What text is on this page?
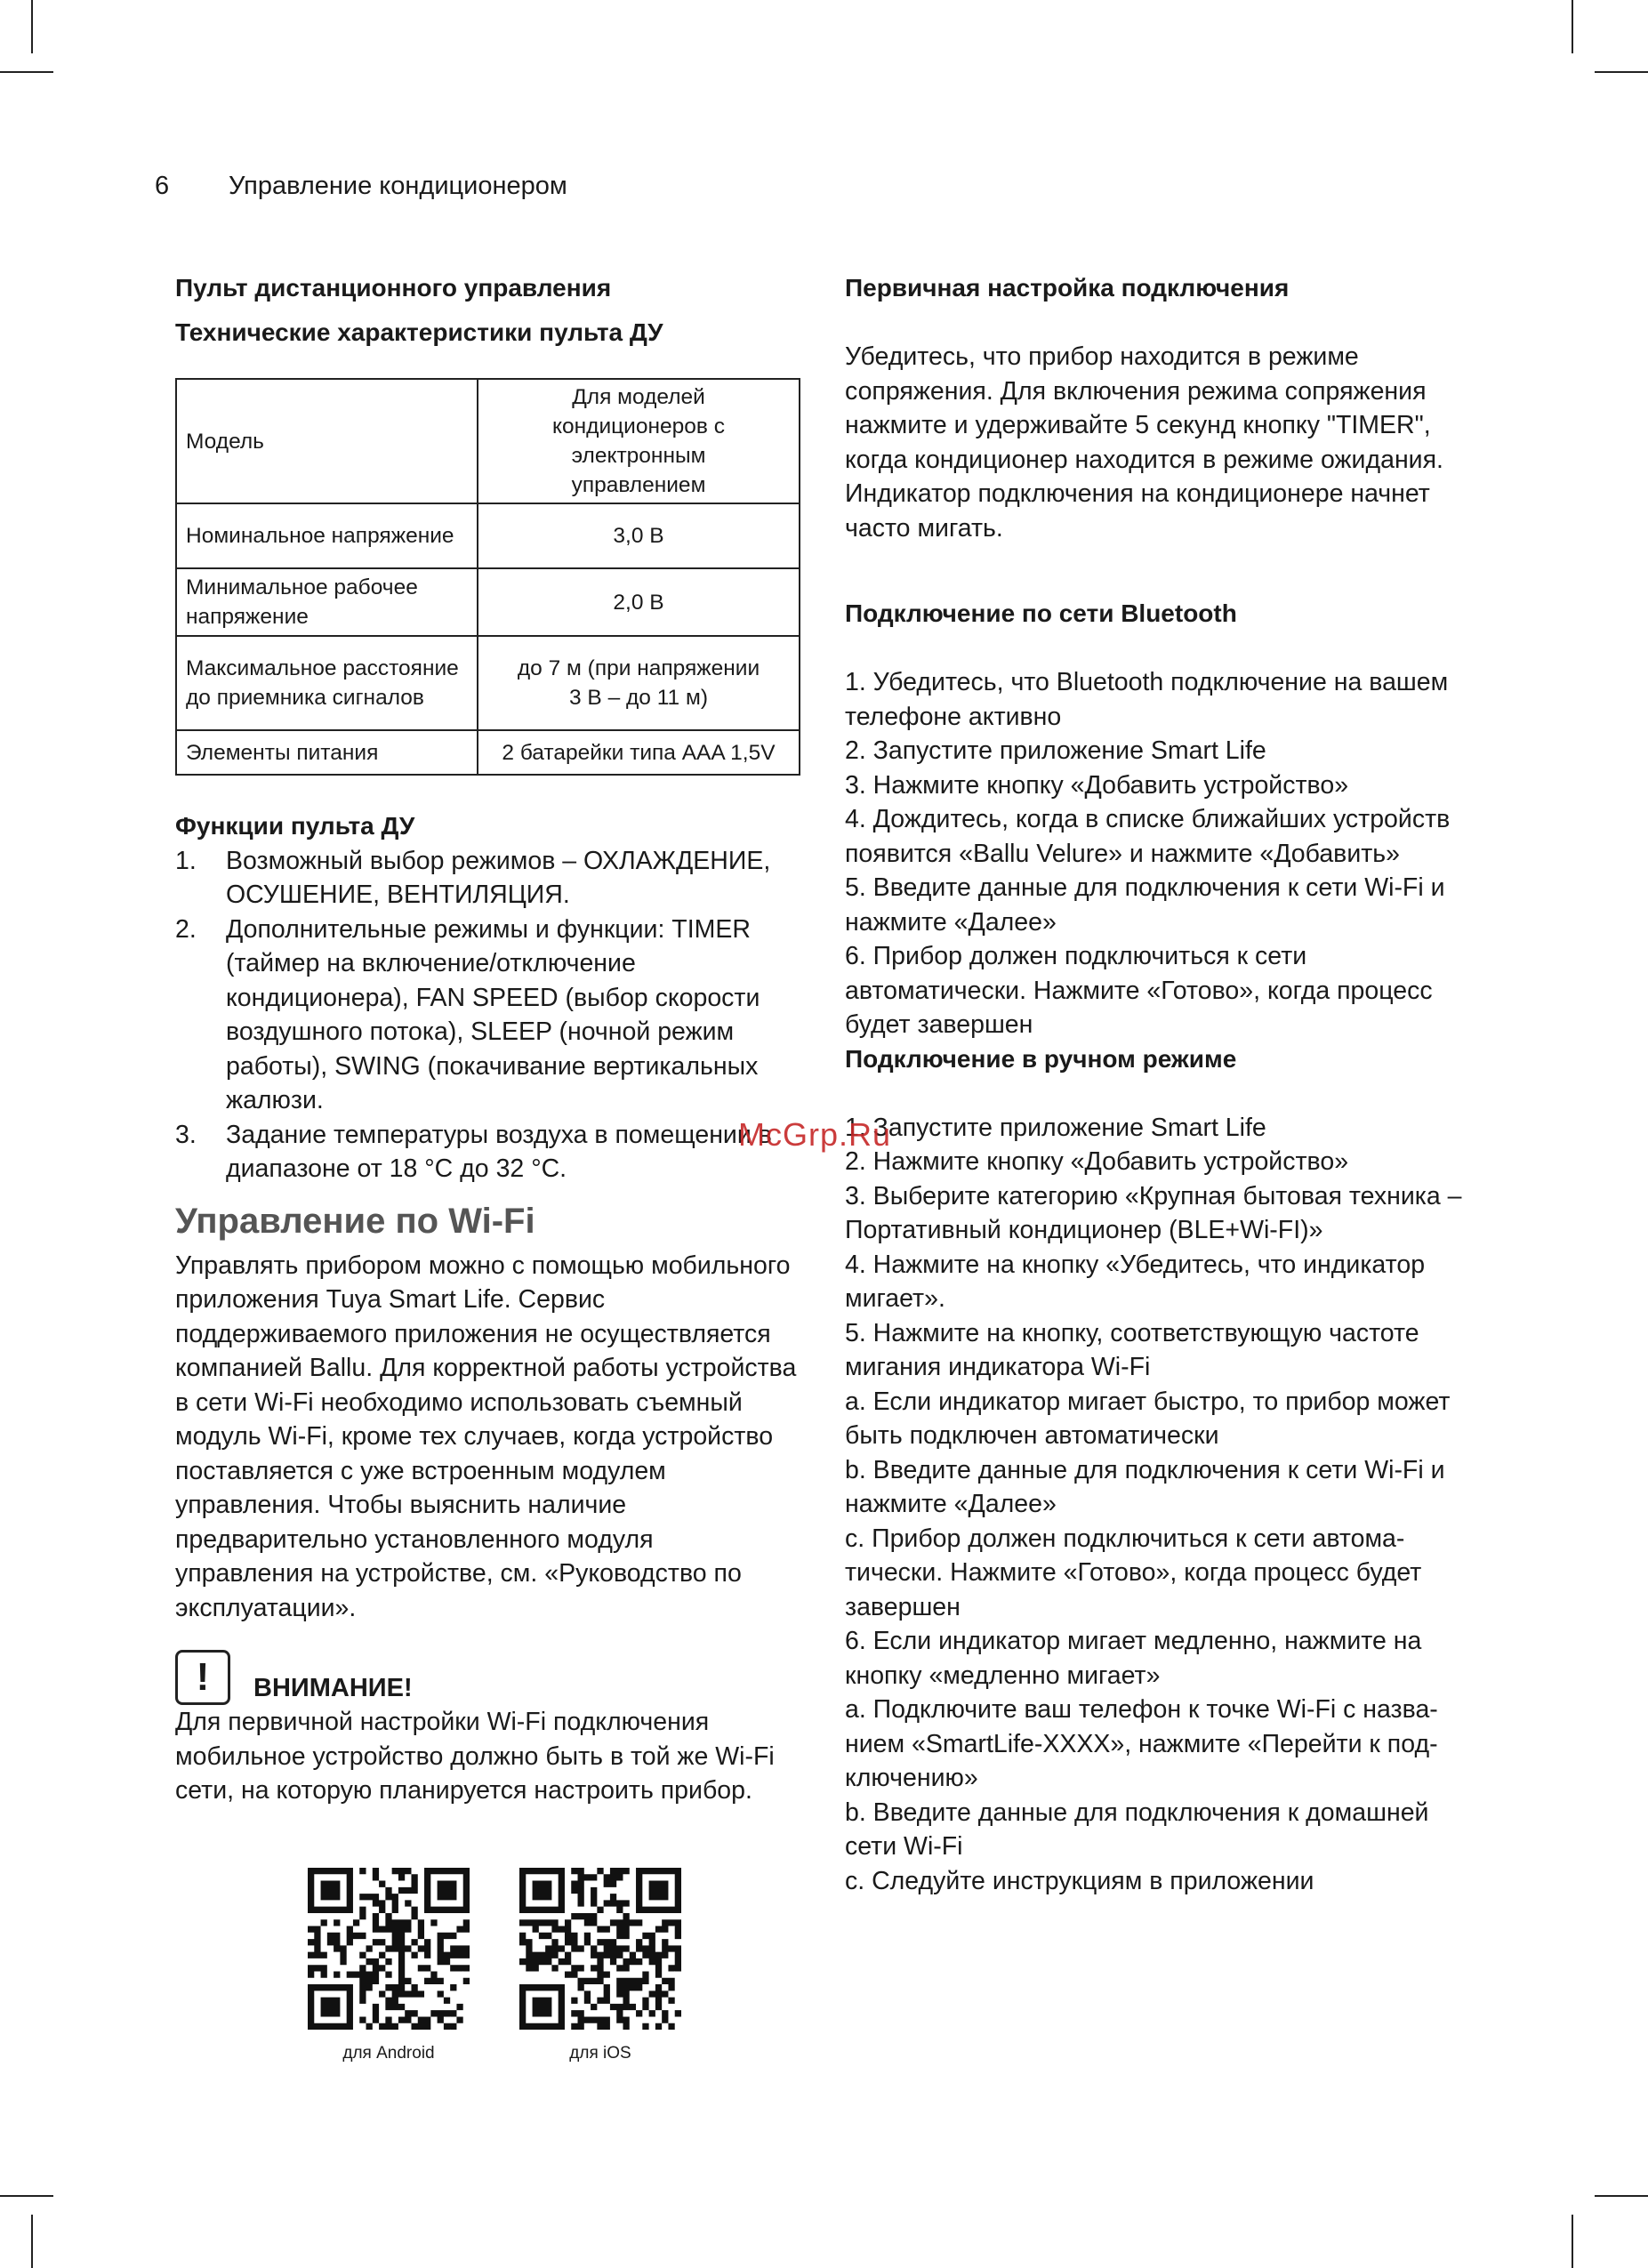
6 Управление кондиционером
Пульт дистанционного управления
Технические характеристики пульта ДУ
Модель	Для моделей кондиционеров с электронным управлением
Номинальное напряжение	3,0 В
Минимальное рабочее напряжение	2,0 В
Максимальное расстояние до приемника сигналов	до 7 м (при напряжении 3 В – до 11 м)
Элементы питания	2 батарейки типа AAA 1,5V
Функции пульта ДУ
1. Возможный выбор режимов – ОХЛАЖДЕНИЕ, ОСУШЕНИЕ, ВЕНТИЛЯЦИЯ.
2. Дополнительные режимы и функции: TIMER (таймер на включение/отключение кондиционера), FAN SPEED (выбор скорости воздушного потока), SLEEP (ночной режим работы), SWING (покачивание вертикальных жалюзи.
3. Задание температуры воздуха в помещении в диапазоне от 18 °С до 32 °С.
Управление по Wi-Fi

Управлять прибором можно с помощью мобильного приложения Tuya Smart Life. Сервис поддерживаемого приложения не осуществляется компанией Ballu. Для корректной работы устройства в сети Wi-Fi необходимо использовать съемный модуль Wi-Fi, кроме тех случаев, когда устройство поставляется с уже встроенным модулем управления. Чтобы выяснить наличие предварительно установленного модуля управления на устройстве, см. «Руководство по эксплуатации».

!	ВНИМАНИЕ!

Для первичной настройки Wi-Fi подключения мобильное устройство должно быть в той же Wi-Fi сети, на которую планируется настроить прибор.

для Android	для iOS
Первичная настройка подключения

Убедитесь, что прибор находится в режиме сопряжения. Для включения режима сопряжения нажмите и удерживайте 5 секунд кнопку "TIMER", когда кондиционер находится в режиме ожидания. Индикатор подключения на кондиционере начнет часто мигать.

Подключение по сети Bluetooth

1. Убедитесь, что Bluetooth подключение на вашем телефоне активно

2. Запустите приложение Smart Life

3. Нажмите кнопку «Добавить устройство»

4. Дождитесь, когда в списке ближайших устройств появится «Ballu Velure» и нажмите «Добавить»

5. Введите данные для подключения к сети Wi-Fi и нажмите «Далее»

6. Прибор должен подключиться к сети автоматически. Нажмите «Готово», когда процесс будет завершен

Подключение в ручном режиме

1. Запустите приложение Smart Life

2. Нажмите кнопку «Добавить устройство»

3. Выберите категорию «Крупная бытовая техника – Портативный кондиционер (BLE+Wi-FI)»

4. Нажмите на кнопку «Убедитесь, что индикатор мигает».

5. Нажмите на кнопку, соответствующую частоте мигания индикатора Wi-Fi

a. Если индикатор мигает быстро, то прибор может быть подключен автоматически

b. Введите данные для подключения к сети Wi-Fi и нажмите «Далее»

c. Прибор должен подключиться к сети автома-тически. Нажмите «Готово», когда процесс будет завершен

6. Если индикатор мигает медленно, нажмите на кнопку «медленно мигает»

a. Подключите ваш телефон к точке Wi-Fi с назва-нием «SmartLife-XXXX», нажмите «Перейти к под-ключению»

b. Введите данные для подключения к домашней сети Wi-Fi

c. Следуйте инструкциям в приложении

McGrp.Ru
